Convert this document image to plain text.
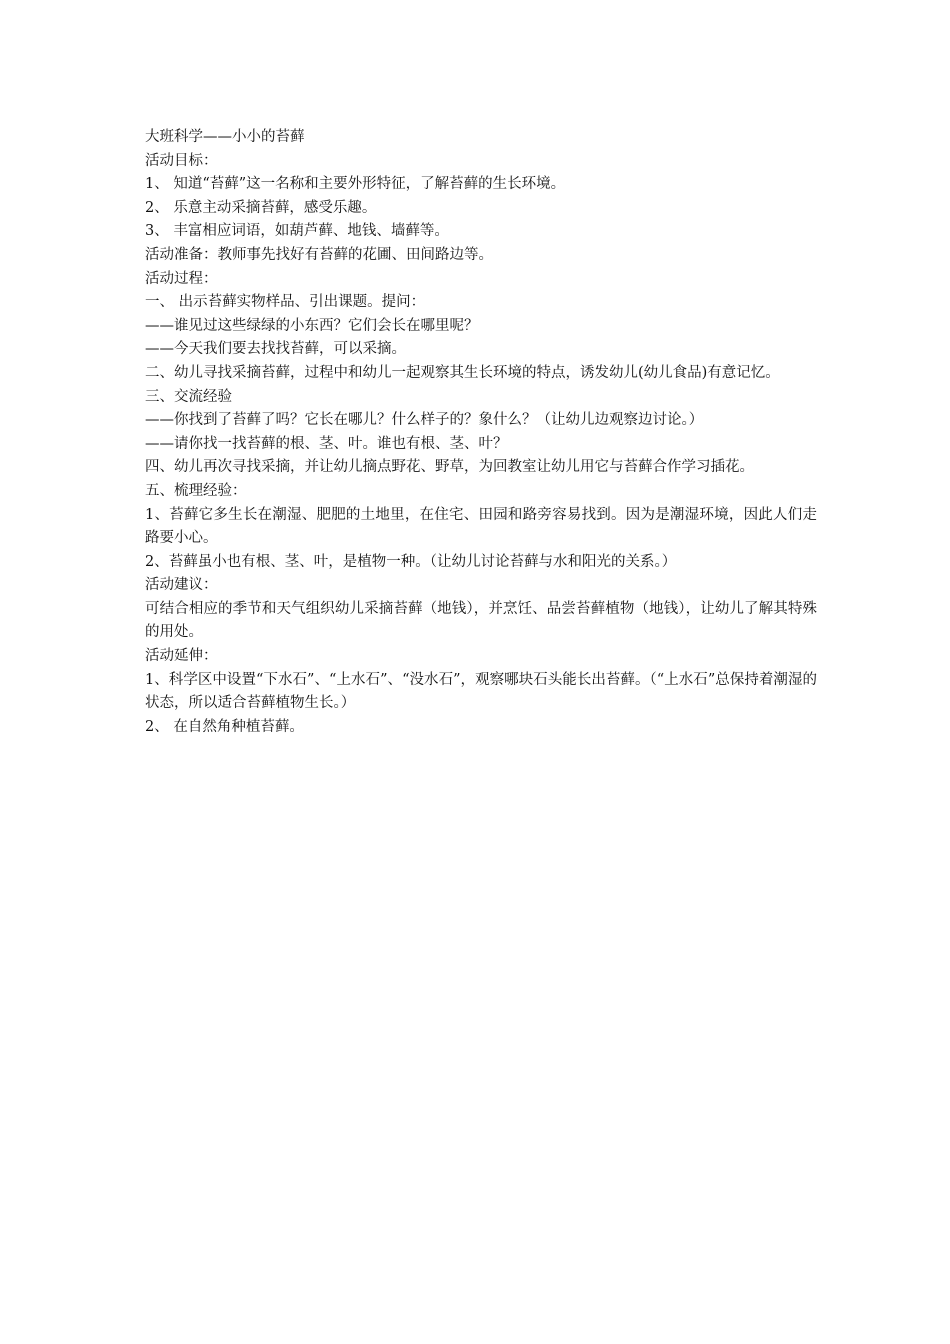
大班科学——小小的苔藓

活动目标：

1、 知道“苔藓”这一名称和主要外形特征，了解苔藓的生长环境。

2、 乐意主动采摘苔藓，感受乐趣。

3、 丰富相应词语，如葫芦藓、地钱、墙藓等。

活动准备：教师事先找好有苔藓的花圃、田间路边等。

活动过程：

一、 出示苔藓实物样品、引出课题。提问：

——谁见过这些绿绿的小东西？它们会长在哪里呢？

——今天我们要去找找苔藓，可以采摘。

二、幼儿寻找采摘苔藓，过程中和幼儿一起观察其生长环境的特点，诱发幼儿(幼儿食品)有意记忆。

三、交流经验

——你找到了苔藓了吗？它长在哪儿？什么样子的？象什么？（让幼儿边观察边讨论。）

——请你找一找苔藓的根、茎、叶。谁也有根、茎、叶？

四、幼儿再次寻找采摘，并让幼儿摘点野花、野草，为回教室让幼儿用它与苔藓合作学习插花。

五、梳理经验：

1、苔藓它多生长在潮湿、肥肥的土地里，在住宅、田园和路旁容易找到。因为是潮湿环境，因此人们走路要小心。

2、苔藓虽小也有根、茎、叶，是植物一种。（让幼儿讨论苔藓与水和阳光的关系。）

活动建议：

可结合相应的季节和天气组织幼儿采摘苔藓（地钱），并烹饪、品尝苔藓植物（地钱），让幼儿了解其特殊的用处。

活动延伸：

1、科学区中设置“下水石”、“上水石”、“没水石”，观察哪块石头能长出苔藓。（“上水石”总保持着潮湿的状态，所以适合苔藓植物生长。）

2、 在自然角种植苔藓。
